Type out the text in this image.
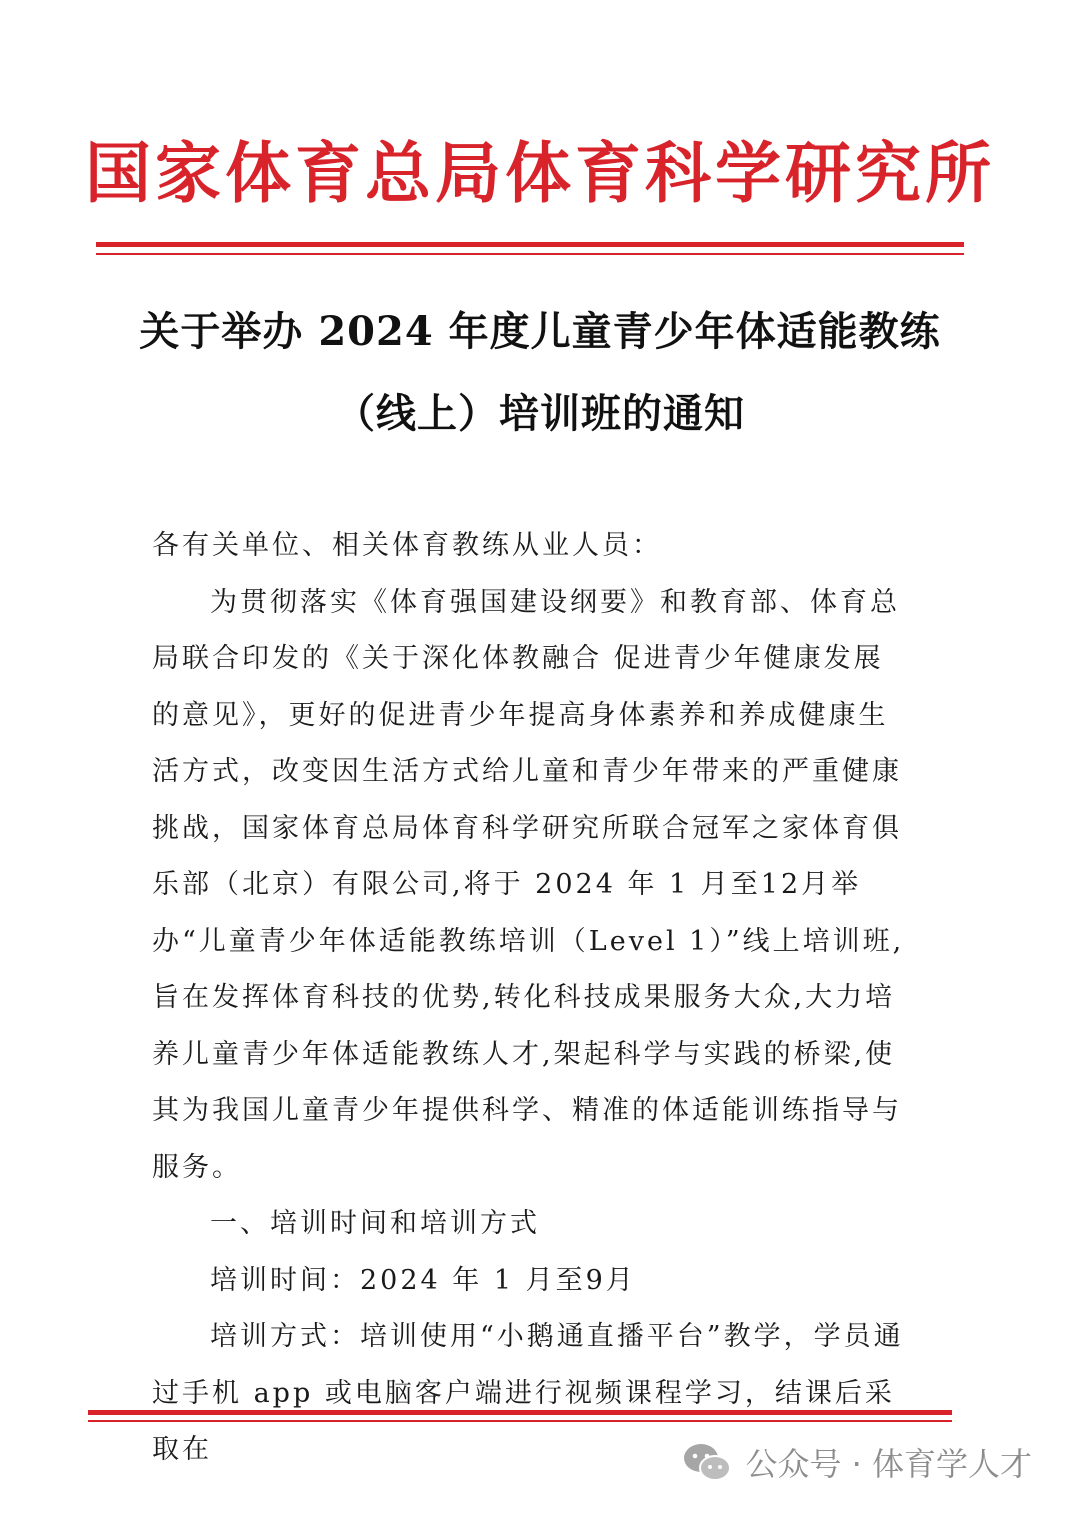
国家体育总局体育科学研究所
关于举办 2024 年度儿童青少年体适能教练
（线上）培训班的通知

各有关单位、相关体育教练从业人员：

为贯彻落实《体育强国建设纲要》和教育部、体育总局联合印发的《关于深化体教融合 促进青少年健康发展的意见》，更好的促进青少年提高身体素养和养成健康生活方式，改变因生活方式给儿童和青少年带来的严重健康挑战，国家体育总局体育科学研究所联合冠军之家体育俱乐部（北京）有限公司,将于 2024 年 1 月至12月举办“儿童青少年体适能教练培训（Level 1）”线上培训班,旨在发挥体育科技的优势,转化科技成果服务大众,大力培养儿童青少年体适能教练人才,架起科学与实践的桥梁,使其为我国儿童青少年提供科学、精准的体适能训练指导与服务。

一、培训时间和培训方式

培训时间：2024 年 1 月至9月

培训方式：培训使用“小鹅通直播平台”教学，学员通过手机 app 或电脑客户端进行视频课程学习，结课后采取在	公众号 · 体育学人才
